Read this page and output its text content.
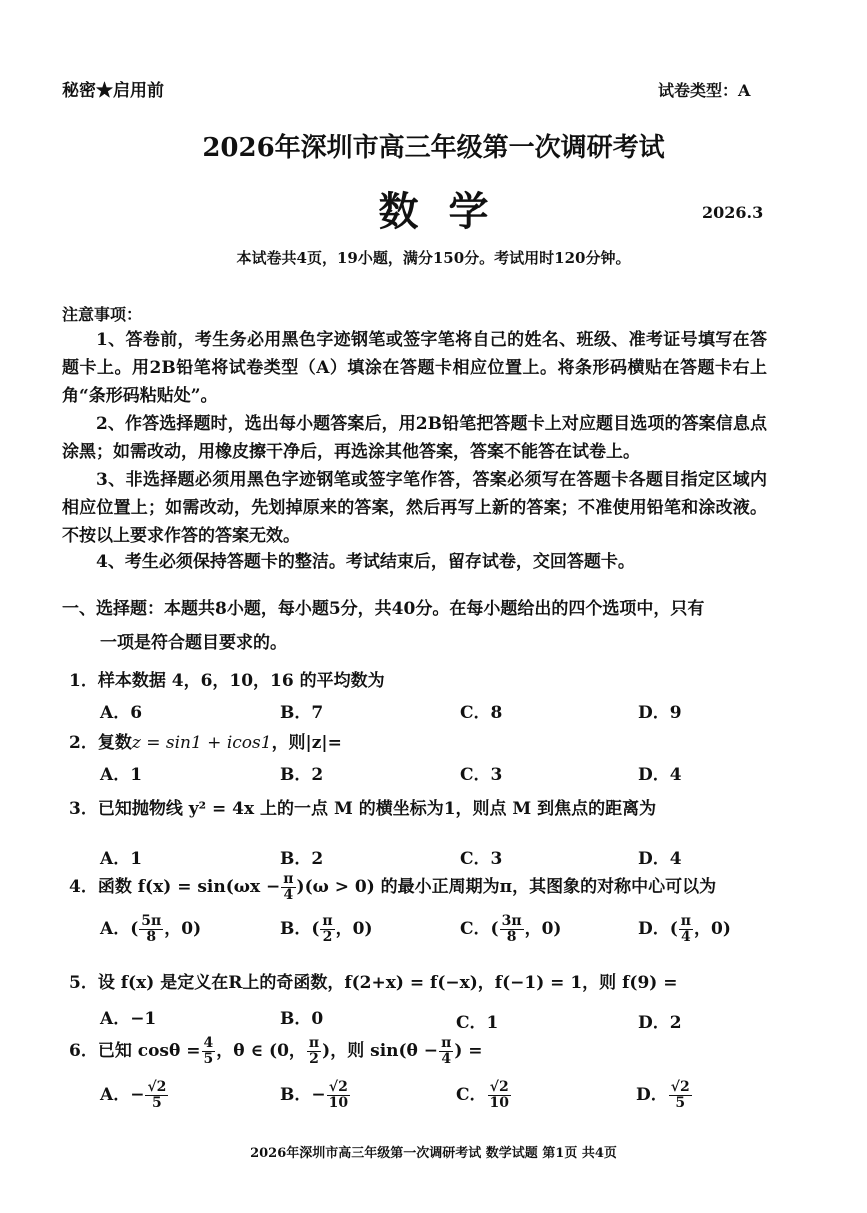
秘密★启用前	试卷类型：A
2026年深圳市高三年级第一次调研考试
数学	2026.3
本试卷共4页，19小题，满分150分。考试用时120分钟。
注意事项：
1、答卷前，考生务必用黑色字迹钢笔或签字笔将自己的姓名、班级、准考证号填写在答题卡上。用2B铅笔将试卷类型（A）填涂在答题卡相应位置上。将条形码横贴在答题卡右上角“条形码粘贴处”。
2、作答选择题时，选出每小题答案后，用2B铅笔把答题卡上对应题目选项的答案信息点涂黑；如需改动，用橡皮擦干净后，再选涂其他答案，答案不能答在试卷上。
3、非选择题必须用黑色字迹钢笔或签字笔作答，答案必须写在答题卡各题目指定区域内相应位置上；如需改动，先划掉原来的答案，然后再写上新的答案；不准使用铅笔和涂改液。不按以上要求作答的答案无效。
4、考生必须保持答题卡的整洁。考试结束后，留存试卷，交回答题卡。
一、选择题：本题共8小题，每小题5分，共40分。在每小题给出的四个选项中，只有
一项是符合题目要求的。
1．样本数据 4，6，10，16 的平均数为
A．6	B．7	C．8	D．9
2．复数z = sin1 + icos1，则|z|=
A．1	B．2	C．3	D．4
3．已知抛物线 y² = 4x 上的一点 M 的横坐标为1，则点 M 到焦点的距离为
A．1	B．2	C．3	D．4
4．函数 $f(x) = \sin(\omega x - \frac{\pi}{4} )(\omega > 0)$ 的最小正周期为π，其图象的对称中心可以为
A．( $\frac{5\pi}{8}$ ，0)	B．( $\frac{\pi}{2}$ ，0)	C．( $\frac{3\pi}{8}$ ，0)	D．( $\frac{\pi}{4}$ ，0)
5．设 f(x) 是定义在R上的奇函数，f(2+x) = f(−x)，f(−1) = 1，则 f(9) =
A．−1	B．0	C．1	D．2
6．已知 $\cos\theta = \frac{4}{5}$ ，θ ∈ (0， $\frac{\pi}{2}$ )，则 $\sin(\theta - \frac{\pi}{4}$ ) =
A．− $\frac{√2}{5}$	B．− $\frac{√2}{10}$	C． $\frac{√2}{10}$	D． $\frac{√2}{5}$
2026年深圳市高三年级第一次调研考试 数学试题 第1页 共4页
